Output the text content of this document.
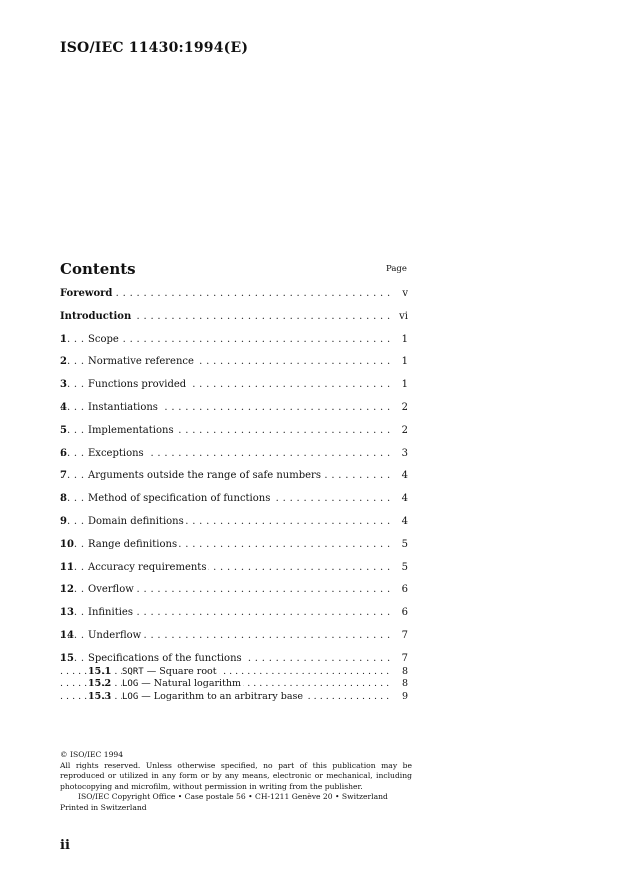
ISO/IEC 11430:1994(E)
Contents	Page
. . .
Foreword	v
. . .
Introduction	vi
. . .
1 Scope	1
. . .
2 Normative reference	1
. . .
3 Functions provided	1
. . .
4 Instantiations	2
. . .
5 Implementations	2
. . .
6 Exceptions	3
. . .
7 Arguments outside the range of safe numbers	4
. . .
8 Method of specification of functions	4
. . .
9 Domain definitions	4
. . .
10 Range definitions	5
. . .
11 Accuracy requirements	5
. . .
12 Overflow	6
. . .
13 Infinities	6
. . .
14 Underflow	7
. . .
15 Specifications of the functions	7
. . .
15.1 SQRT — Square root	8
. . .
15.2 LOG — Natural logarithm	8
. . .
15.3 LOG — Logarithm to an arbitrary base	9
© ISO/IEC 1994
All rights reserved. Unless otherwise specified, no part of this publication may be
reproduced or utilized in any form or by any means, electronic or mechanical, including
photocopying and microfilm, without permission in writing from the publisher.
ISO/IEC Copyright Office • Case postale 56 • CH-1211 Genève 20 • Switzerland
Printed in Switzerland
ii
